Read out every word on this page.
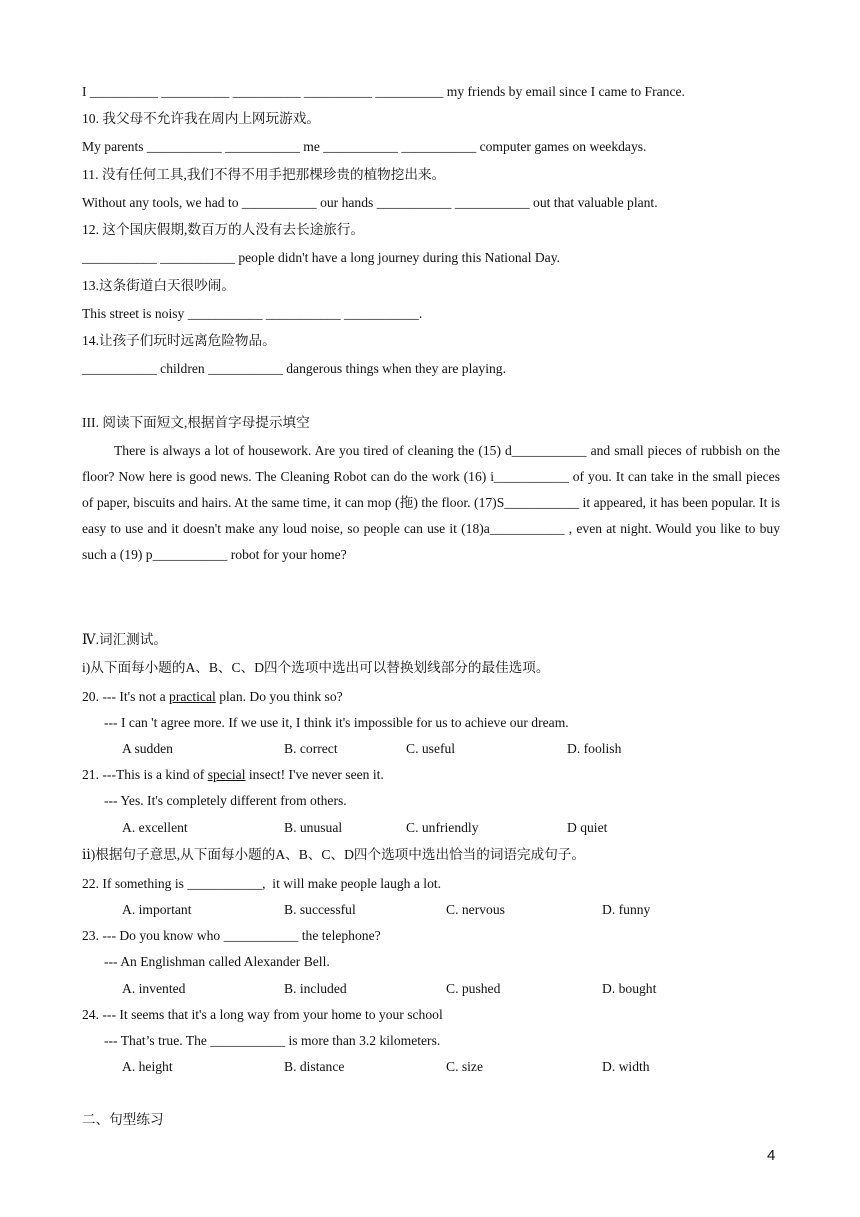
I __________ __________ __________ __________ __________ my friends by email since I came to France.
10. 我父母不允许我在周内上网玩游戏。
My parents ___________ ___________ me ___________ ___________ computer games on weekdays.
11. 没有任何工具,我们不得不用手把那棵珍贵的植物挖出来。
Without any tools, we had to ___________ our hands ___________ ___________ out that valuable plant.
12. 这个国庆假期,数百万的人没有去长途旅行。
___________ ___________ people didn't have a long journey during this National Day.
13.这条街道白天很吵闹。
This street is noisy ___________ ___________ ___________.
14.让孩子们玩时远离危险物品。
___________ children ___________ dangerous things when they are playing.
III. 阅读下面短文,根据首字母提示填空
There is always a lot of housework. Are you tired of cleaning the (15) d___________ and small pieces of rubbish on the floor? Now here is good news. The Cleaning Robot can do the work (16) i___________ of you. It can take in the small pieces of paper, biscuits and hairs. At the same time, it can mop (拖) the floor. (17)S___________ it appeared, it has been popular. It is easy to use and it doesn't make any loud noise, so people can use it (18)a___________ , even at night. Would you like to buy such a (19) p___________ robot for your home?
Ⅳ.词汇测试。
i)从下面每小题的A、B、C、D四个选项中选出可以替换划线部分的最佳选项。
20. --- It's not a practical plan. Do you think so?
--- I can 't agree more. If we use it, I think it's impossible for us to achieve our dream.
A sudden	B. correct	C. useful	D. foolish
21. ---This is a kind of special insect! I've never seen it.
--- Yes. It's completely different from others.
A. excellent	B. unusual	C. unfriendly	D quiet
ⅱ)根据句子意思,从下面每小题的A、B、C、D四个选项中选出恰当的词语完成句子。
22. If something is ___________,  it will make people laugh a lot.
A. important	B. successful	C. nervous	D. funny
23. --- Do you know who ___________ the telephone?
--- An Englishman called Alexander Bell.
A. invented	B. included	C. pushed	D. bought
24. --- It seems that it's a long way from your home to your school
--- That’s true. The ___________ is more than 3.2 kilometers.
A. height	B. distance	C. size	D. width
二、句型练习
4
